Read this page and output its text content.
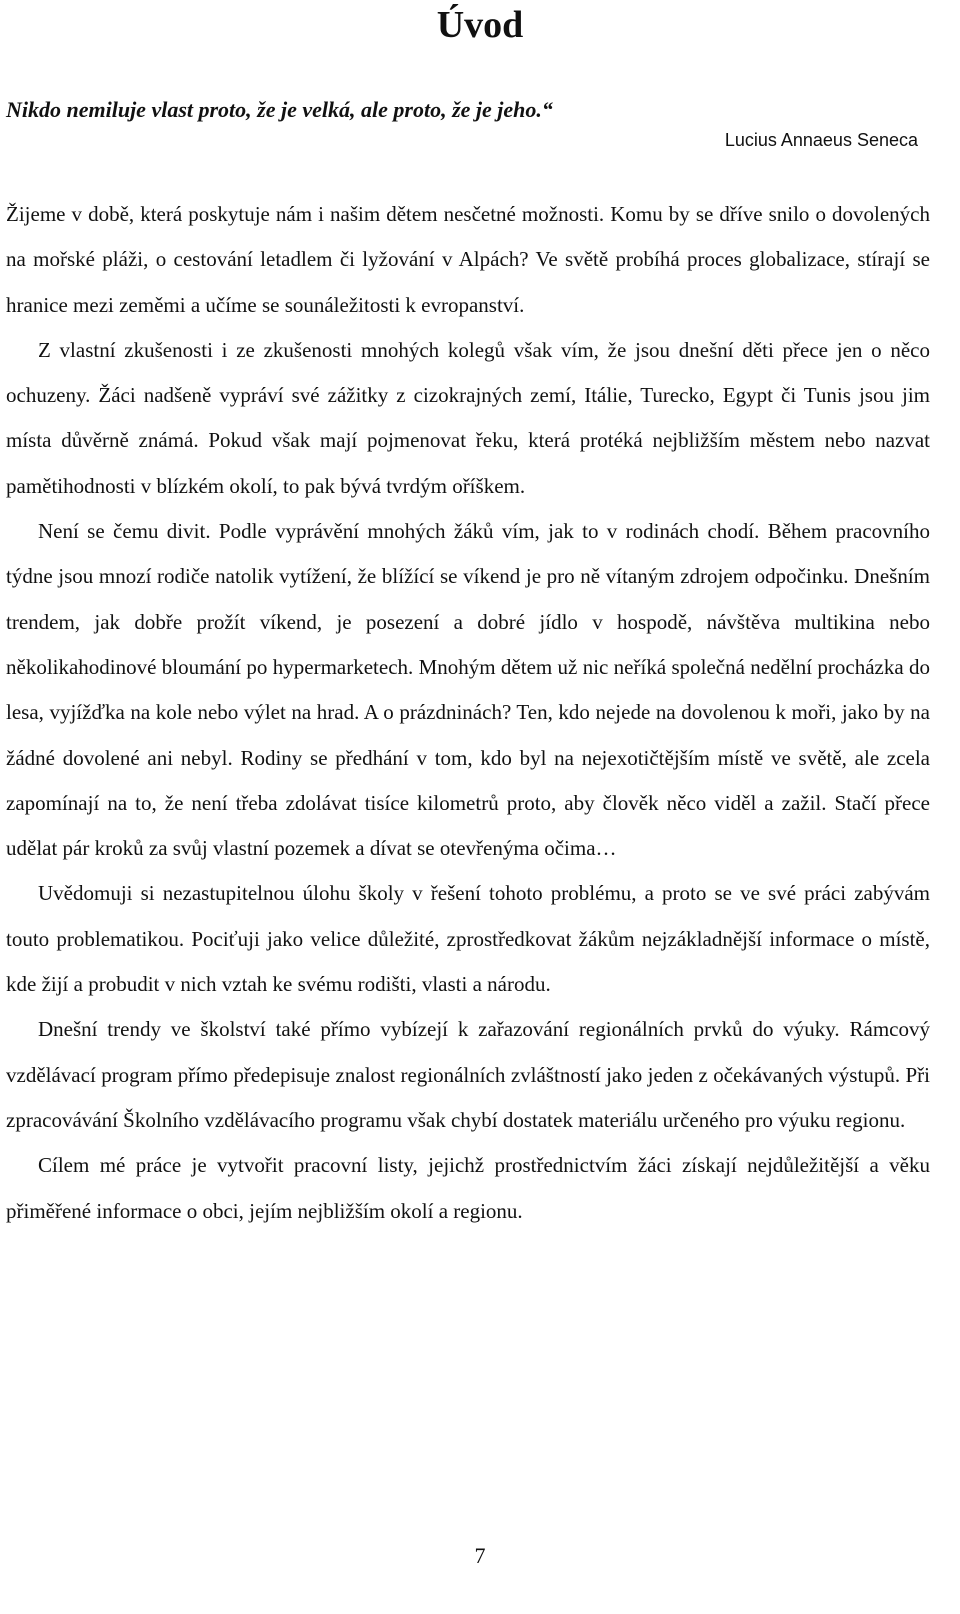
Úvod

Nikdo nemiluje vlast proto, že je velká, ale proto, že je jeho.“

Lucius Annaeus Seneca

Žijeme v době, která poskytuje nám i našim dětem nesčetné možnosti. Komu by se dříve snilo o dovolených na mořské pláži, o cestování letadlem či lyžování v Alpách? Ve světě probíhá proces globalizace, stírají se hranice mezi zeměmi a učíme se sounáležitosti k evropanství.

Z vlastní zkušenosti i ze zkušenosti mnohých kolegů však vím, že jsou dnešní děti přece jen o něco ochuzeny. Žáci nadšeně vypráví své zážitky z cizokrajných zemí, Itálie, Turecko, Egypt či Tunis jsou jim místa důvěrně známá. Pokud však mají pojmenovat řeku, která protéká nejbližším městem nebo nazvat pamětihodnosti v blízkém okolí, to pak bývá tvrdým oříškem.

Není se čemu divit. Podle vyprávění mnohých žáků vím, jak to v rodinách chodí. Během pracovního týdne jsou mnozí rodiče natolik vytížení, že blížící se víkend je pro ně vítaným zdrojem odpočinku. Dnešním trendem, jak dobře prožít víkend, je posezení a dobré jídlo v hospodě, návštěva multikina nebo několikahodinové bloumání po hypermarketech. Mnohým dětem už nic neříká společná nedělní procházka do lesa, vyjížďka na kole nebo výlet na hrad. A o prázdninách? Ten, kdo nejede na dovolenou k moři, jako by na žádné dovolené ani nebyl. Rodiny se předhání v tom, kdo byl na nejexotičtějším místě ve světě, ale zcela zapomínají na to, že není třeba zdolávat tisíce kilometrů proto, aby člověk něco viděl a zažil. Stačí přece udělat pár kroků za svůj vlastní pozemek a dívat se otevřenýma očima…

Uvědomuji si nezastupitelnou úlohu školy v řešení tohoto problému, a proto se ve své práci zabývám touto problematikou. Pociťuji jako velice důležité, zprostředkovat žákům nejzákladnější informace o místě, kde žijí a probudit v nich vztah ke svému rodišti, vlasti a národu.

Dnešní trendy ve školství také přímo vybízejí k zařazování regionálních prvků do výuky. Rámcový vzdělávací program přímo předepisuje znalost regionálních zvláštností jako jeden z očekávaných výstupů. Při zpracovávání Školního vzdělávacího programu však chybí dostatek materiálu určeného pro výuku regionu.

Cílem mé práce je vytvořit pracovní listy, jejichž prostřednictvím žáci získají nejdůležitější a věku přiměřené informace o obci, jejím nejbližším okolí a regionu.

7
